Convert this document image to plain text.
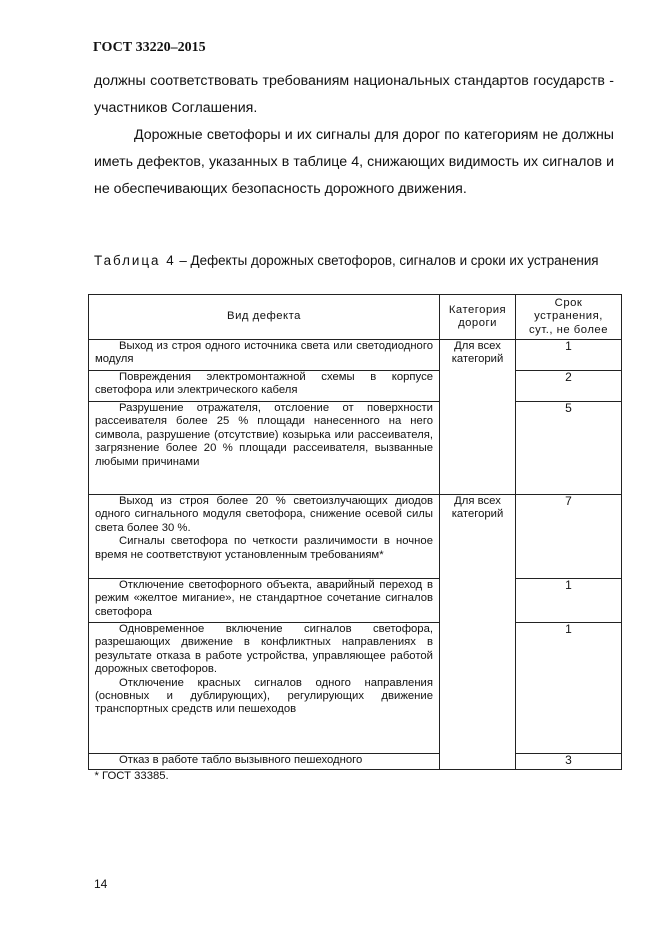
ГОСТ 33220–2015
должны соответствовать требованиям национальных стандартов государств - участников Соглашения.
Дорожные светофоры и их сигналы для дорог по категориям не должны иметь дефектов, указанных в таблице 4, снижающих видимость их сигналов и не обеспечивающих безопасность дорожного движения.
Таблица 4 – Дефекты дорожных светофоров, сигналов и сроки их устранения
Вид дефекта	Категория дороги	Срок устранения, сут., не более

Выход из строя одного источника света или светодиодного модуля	Для всех категорий	1

Повреждения электромонтажной схемы в корпусе светофора или электрического кабеля		2

Разрушение отражателя, отслоение от поверхности рассеивателя более 25 % площади нанесенного на него символа, разрушение (отсутствие) козырька или рассеивателя, загрязнение более 20 % площади рассеивателя, вызванные любыми причинами		5

Выход из строя более 20 % светоизлучающих диодов одного сигнального модуля светофора, снижение осевой силы света более 30 %.
Сигналы светофора по четкости различимости в ночное время не соответствуют установленным требованиям*	Для всех категорий	7

Отключение светофорного объекта, аварийный переход в режим «желтое мигание», не стандартное сочетание сигналов светофора		1

Одновременное включение сигналов светофора, разрешающих движение в конфликтных направлениях в результате отказа в работе устройства, управляющее работой дорожных светофоров.
Отключение красных сигналов одного направления (основных и дублирующих), регулирующих движение транспортных средств или пешеходов		1

Отказ в работе табло вызывного пешеходного		3
* ГОСТ 33385.		
14
